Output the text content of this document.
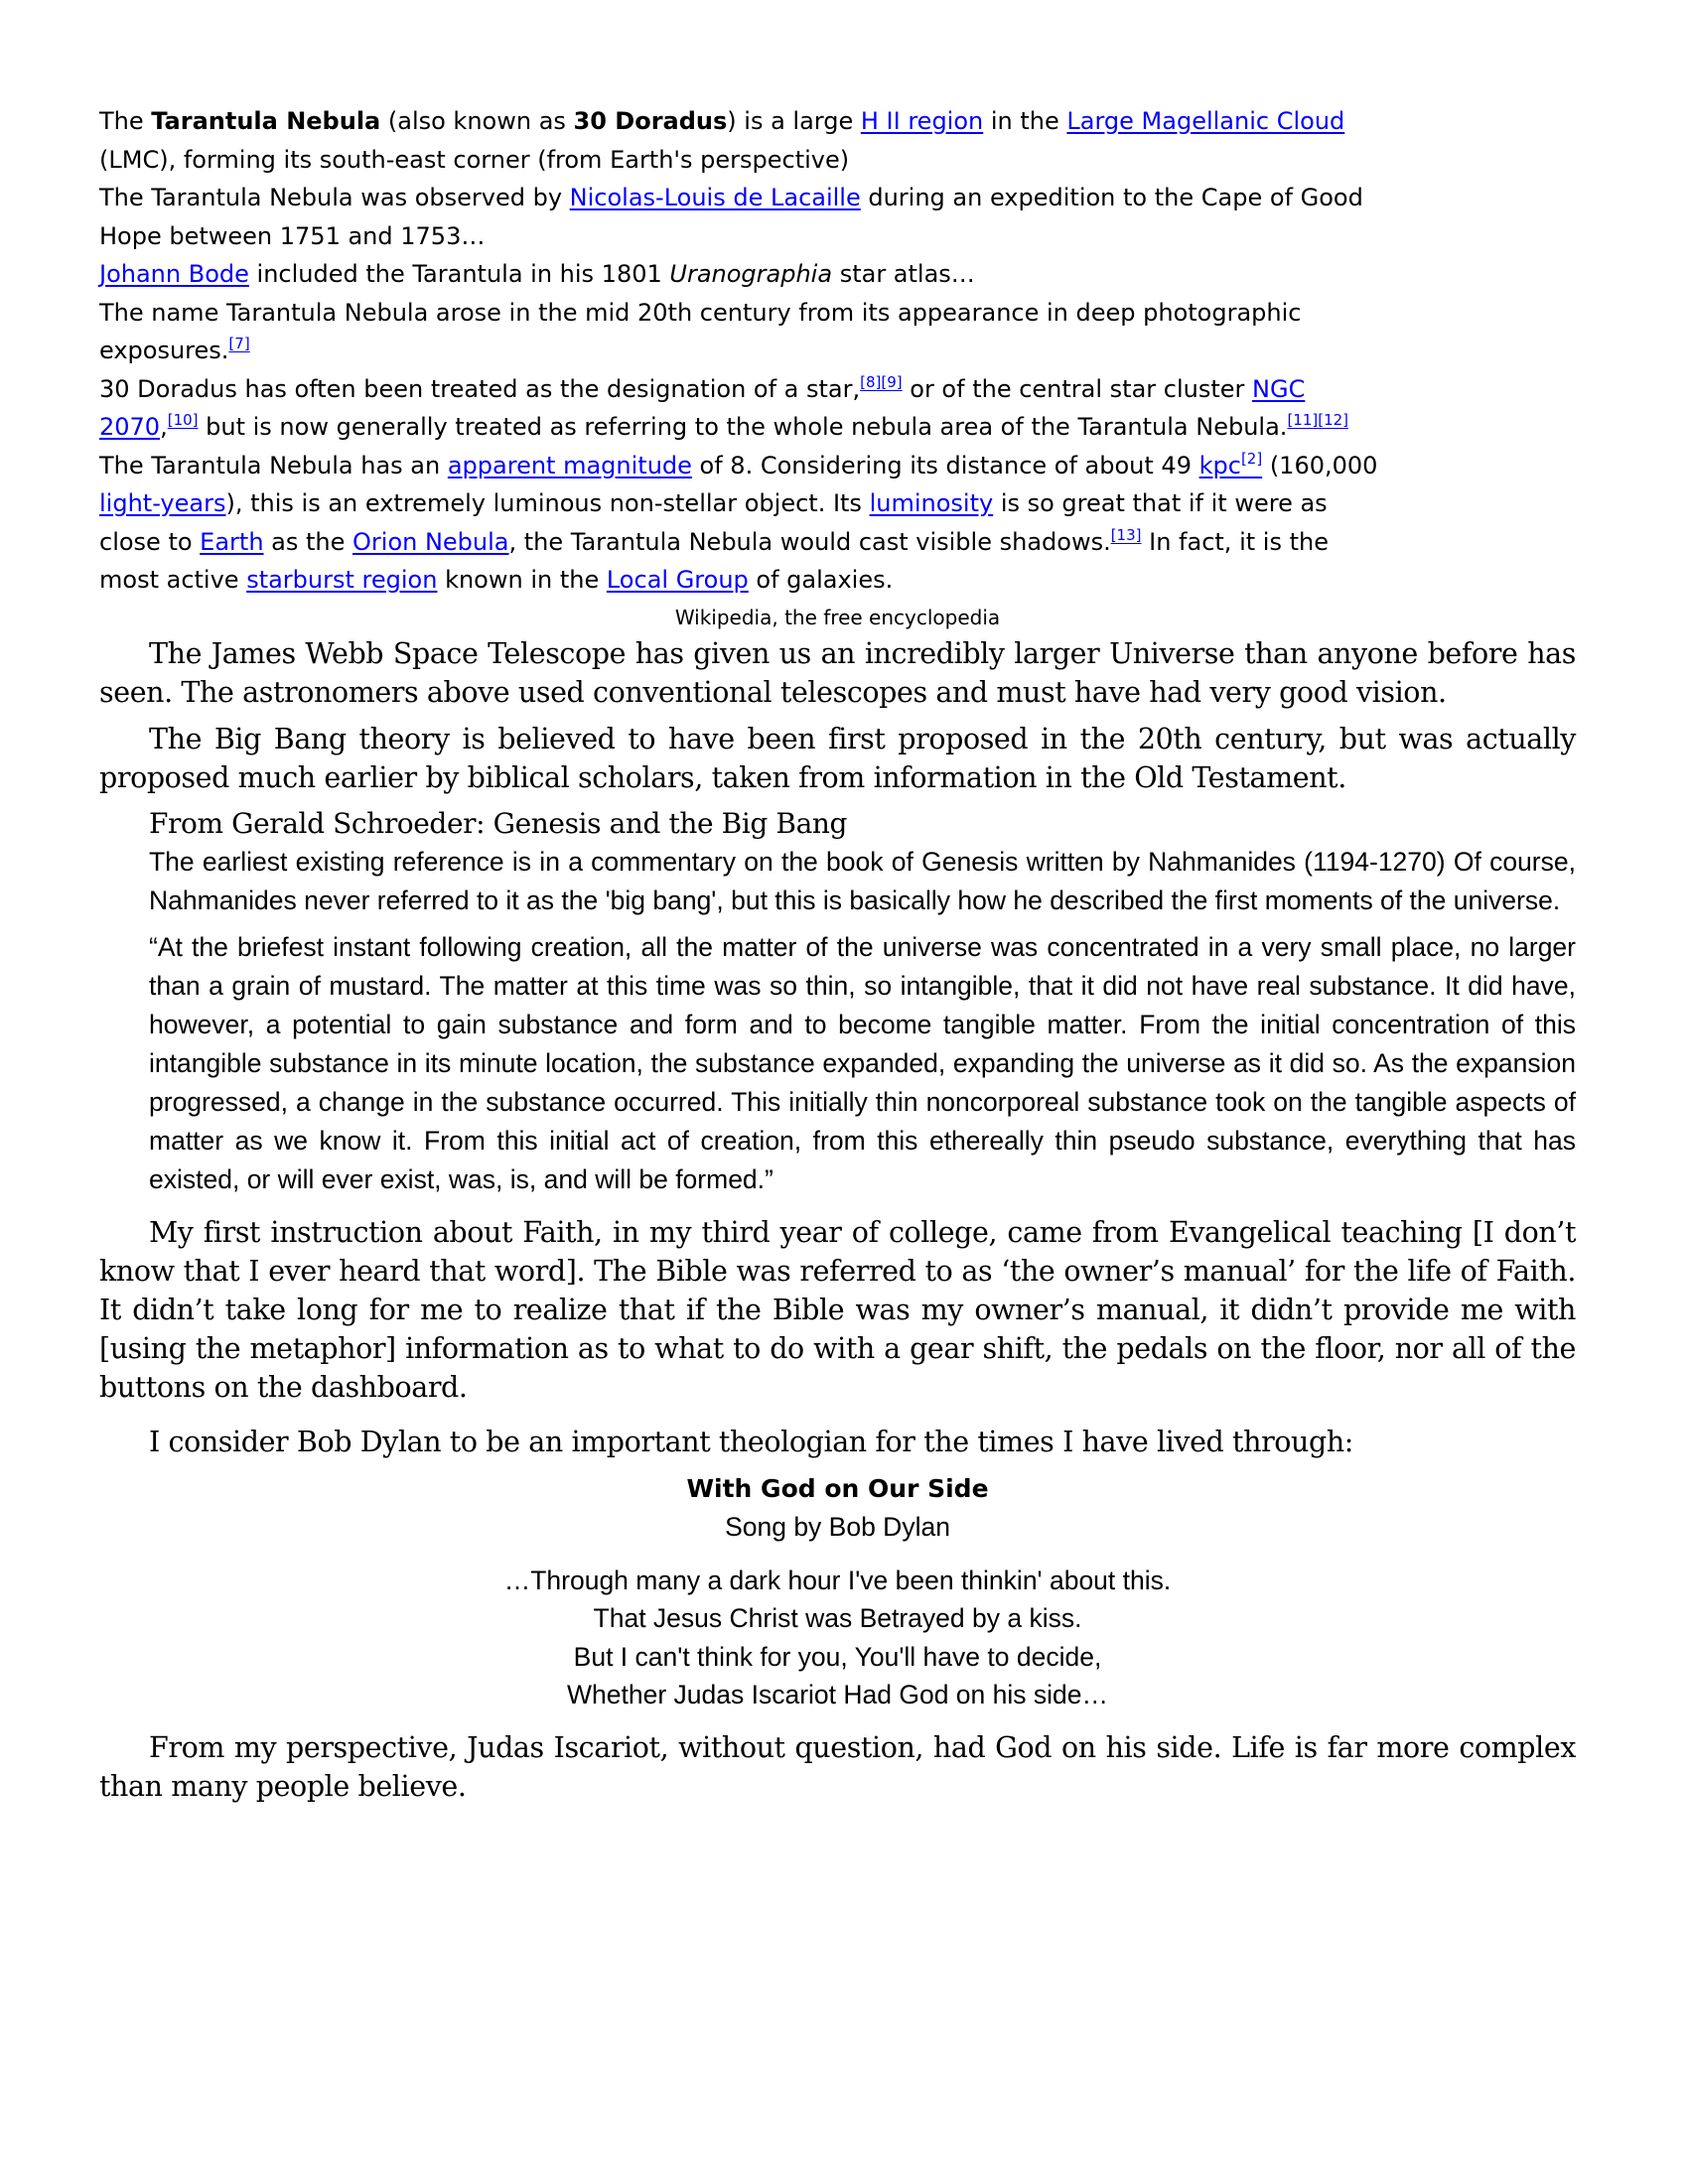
The Tarantula Nebula (also known as 30 Doradus) is a large H II region in the Large Magellanic Cloud
(LMC), forming its south-east corner (from Earth's perspective)
The Tarantula Nebula was observed by Nicolas-Louis de Lacaille during an expedition to the Cape of Good
Hope between 1751 and 1753…
Johann Bode included the Tarantula in his 1801 Uranographia star atlas…
The name Tarantula Nebula arose in the mid 20th century from its appearance in deep photographic
exposures.[7]
30 Doradus has often been treated as the designation of a star,[8][9] or of the central star cluster NGC
2070,[10] but is now generally treated as referring to the whole nebula area of the Tarantula Nebula.[11][12]
The Tarantula Nebula has an apparent magnitude of 8. Considering its distance of about 49 kpc[2] (160,000
light-years), this is an extremely luminous non-stellar object. Its luminosity is so great that if it were as
close to Earth as the Orion Nebula, the Tarantula Nebula would cast visible shadows.[13] In fact, it is the
most active starburst region known in the Local Group of galaxies.
Wikipedia, the free encyclopedia

The James Webb Space Telescope has given us an incredibly larger Universe than anyone before has seen. The astronomers above used conventional telescopes and must have had very good vision.

The Big Bang theory is believed to have been first proposed in the 20th century, but was actually proposed much earlier by biblical scholars, taken from information in the Old Testament.

From Gerald Schroeder: Genesis and the Big Bang
The earliest existing reference is in a commentary on the book of Genesis written by Nahmanides (1194-1270) Of course, Nahmanides never referred to it as the 'big bang', but this is basically how he described the first moments of the universe.
“At the briefest instant following creation, all the matter of the universe was concentrated in a very small place, no larger than a grain of mustard. The matter at this time was so thin, so intangible, that it did not have real substance. It did have, however, a potential to gain substance and form and to become tangible matter. From the initial concentration of this intangible substance in its minute location, the substance expanded, expanding the universe as it did so. As the expansion progressed, a change in the substance occurred. This initially thin noncorporeal substance took on the tangible aspects of matter as we know it. From this initial act of creation, from this ethereally thin pseudo substance, everything that has existed, or will ever exist, was, is, and will be formed.”

My first instruction about Faith, in my third year of college, came from Evangelical teaching [I don’t know that I ever heard that word]. The Bible was referred to as ‘the owner’s manual’ for the life of Faith. It didn’t take long for me to realize that if the Bible was my owner’s manual, it didn’t provide me with [using the metaphor] information as to what to do with a gear shift, the pedals on the floor, nor all of the buttons on the dashboard.

I consider Bob Dylan to be an important theologian for the times I have lived through:

With God on Our Side
Song by Bob Dylan
…Through many a dark hour I've been thinkin' about this.
That Jesus Christ was Betrayed by a kiss.
But I can't think for you, You'll have to decide,
Whether Judas Iscariot Had God on his side…

From my perspective, Judas Iscariot, without question, had God on his side. Life is far more complex than many people believe.
